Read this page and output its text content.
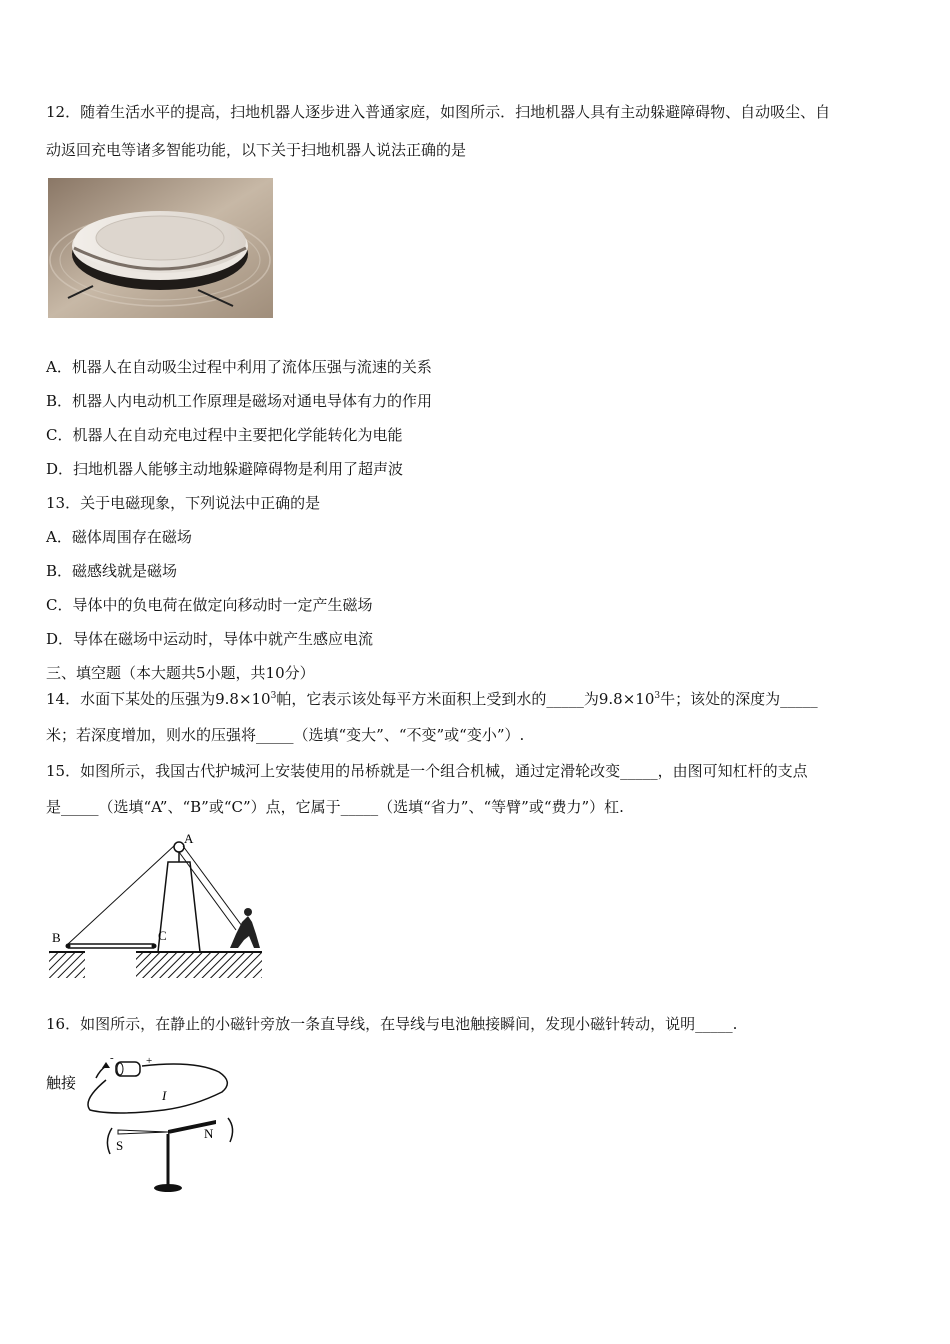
12．随着生活水平的提高，扫地机器人逐步进入普通家庭，如图所示．扫地机器人具有主动躲避障碍物、自动吸尘、自
动返回充电等诸多智能功能，以下关于扫地机器人说法正确的是
A．机器人在自动吸尘过程中利用了流体压强与流速的关系
B．机器人内电动机工作原理是磁场对通电导体有力的作用
C．机器人在自动充电过程中主要把化学能转化为电能
D．扫地机器人能够主动地躲避障碍物是利用了超声波
13．关于电磁现象，下列说法中正确的是
A．磁体周围存在磁场
B．磁感线就是磁场
C．导体中的负电荷在做定向移动时一定产生磁场
D．导体在磁场中运动时，导体中就产生感应电流
三、填空题（本大题共5小题，共10分）
14．水面下某处的压强为$9.8\times 10^3$帕，它表示该处每平方米面积上受到水的_____为$9.8\times 10^3$牛；该处的深度为_____
米；若深度增加，则水的压强将_____（选填“变大”、“不变”或“变小”）.
15．如图所示，我国古代护城河上安装使用的吊桥就是一个组合机械，通过定滑轮改变_____，由图可知杠杆的支点
是_____（选填“A”、“B”或“C”）点，它属于_____（选填“省力”、“等臂”或“费力”）杠.
A
B	C
16．如图所示，在静止的小磁针旁放一条直导线，在导线与电池触接瞬间，发现小磁针转动，说明_____.
触接
-	+
I
S
N
